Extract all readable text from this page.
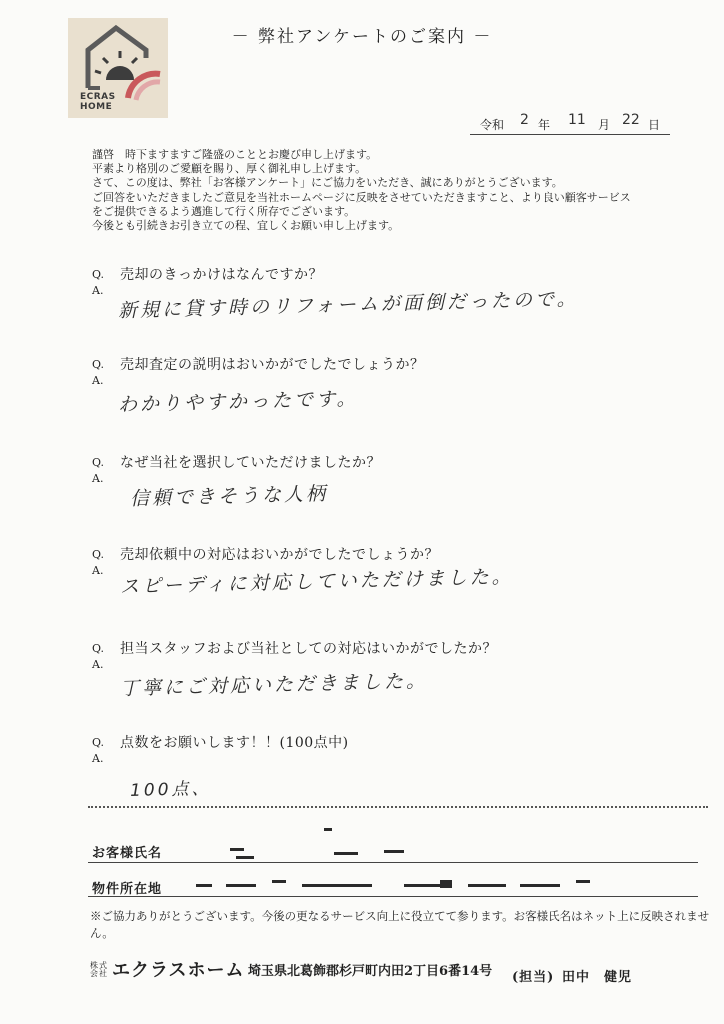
ECRAS
HOME
－ 弊社アンケートのご案内 －
令和 2 年 11 月 22 日
謹啓　時下ますますご隆盛のこととお慶び申し上げます。
平素より格別のご愛顧を賜り、厚く御礼申し上げます。
さて、この度は、弊社「お客様アンケート」にご協力をいただき、誠にありがとうございます。
ご回答をいただきましたご意見を当社ホームページに反映をさせていただきますこと、より良い顧客サービス
をご提供できるよう邁進して行く所存でございます。
今後とも引続きお引き立ての程、宜しくお願い申し上げます。
Q. 売却のきっかけはなんですか？
A. 新規に貸す時のリフォームが面倒だったので。
Q. 売却査定の説明はおいかがでしたでしょうか？
A.
わかりやすかったです。
Q. なぜ当社を選択していただけましたか？
A.
信頼できそうな人柄
Q. 売却依頼中の対応はおいかがでしたでしょうか？
A. スピーディに対応していただけました。
Q. 担当スタッフおよび当社としての対応はいかがでしたか？
A.
丁寧にご対応いただきました。
Q. 点数をお願いします！！(100点中)
A.
100点、
お客様氏名
物件所在地
※ご協力ありがとうございます。今後の更なるサービス向上に役立てて参ります。お客様氏名はネット上に反映されません。
株式
会社 エクラスホーム 埼玉県北葛飾郡杉戸町内田2丁目6番14号 (担当) 田中　健児
